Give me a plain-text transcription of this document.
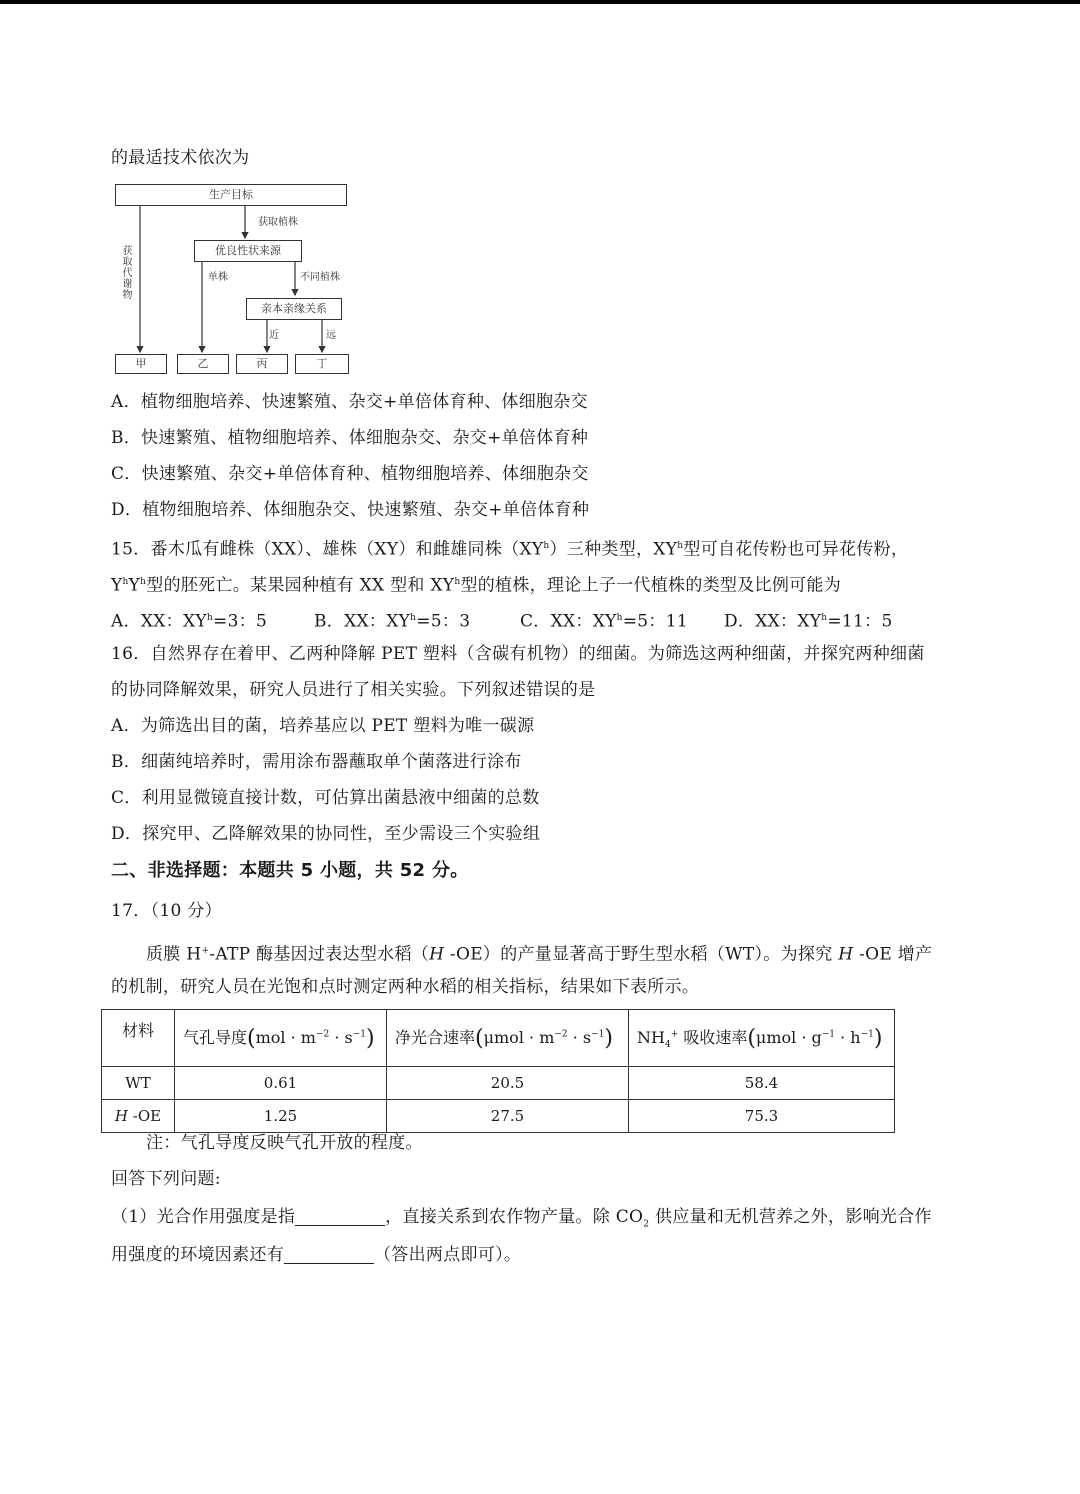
的最适技术依次为
生产目标
获取植株
获取代谢物
优良性状来源
单株	不同植株
亲本亲缘关系
近	远
甲	乙	丙	丁
A．植物细胞培养、快速繁殖、杂交+单倍体育种、体细胞杂交
B．快速繁殖、植物细胞培养、体细胞杂交、杂交+单倍体育种
C．快速繁殖、杂交+单倍体育种、植物细胞培养、体细胞杂交
D．植物细胞培养、体细胞杂交、快速繁殖、杂交+单倍体育种
15．番木瓜有雌株（XX）、雄株（XY）和雌雄同株$(XY^h)$三种类型，$XY^h$型可自花传粉也可异花传粉，
$Y^hY^h$型的胚死亡。某果园种植有 XX 型和 $XY^h$型的植株，理论上子一代植株的类型及比例可能为
A．XX：$XY^h=3$：5	B．XX：$XY^h=5$：3	C．XX：$XY^h=5$：11 D．XX：$XY^h=11$：5
16．自然界存在着甲、乙两种降解 PET 塑料（含碳有机物）的细菌。为筛选这两种细菌，并探究两种细菌
的协同降解效果，研究人员进行了相关实验。下列叙述错误的是
A．为筛选出目的菌，培养基应以 PET 塑料为唯一碳源
B．细菌纯培养时，需用涂布器蘸取单个菌落进行涂布
C．利用显微镜直接计数，可估算出菌悬液中细菌的总数
D．探究甲、乙降解效果的协同性，至少需设三个实验组
二、非选择题：本题共 5 小题，共 52 分。
17．（10 分）
质膜 H+-ATP 酶基因过表达型水稻（H -OE）的产量显著高于野生型水稻（WT）。为探究 H -OE 增产
的机制，研究人员在光饱和点时测定两种水稻的相关指标，结果如下表所示。
材料	气孔导度$(mol \cdot m^{-2} \cdot s^{-1})$	净光合速率$(\mu mol \cdot m^{-2} \cdot s^{-1})$	$NH_4^+$ 吸收速率$(\mu mol \cdot g^{-1} \cdot h^{-1})$
WT	0.61	20.5	58.4
H -OE	1.25	27.5	75.3
注：气孔导度反映气孔开放的程度。
回答下列问题:
（1）光合作用强度是指	，直接关系到农作物产量。除 $CO_2$ 供应量和无机营养之外，影响光合作
用强度的环境因素还有	（答出两点即可）。
